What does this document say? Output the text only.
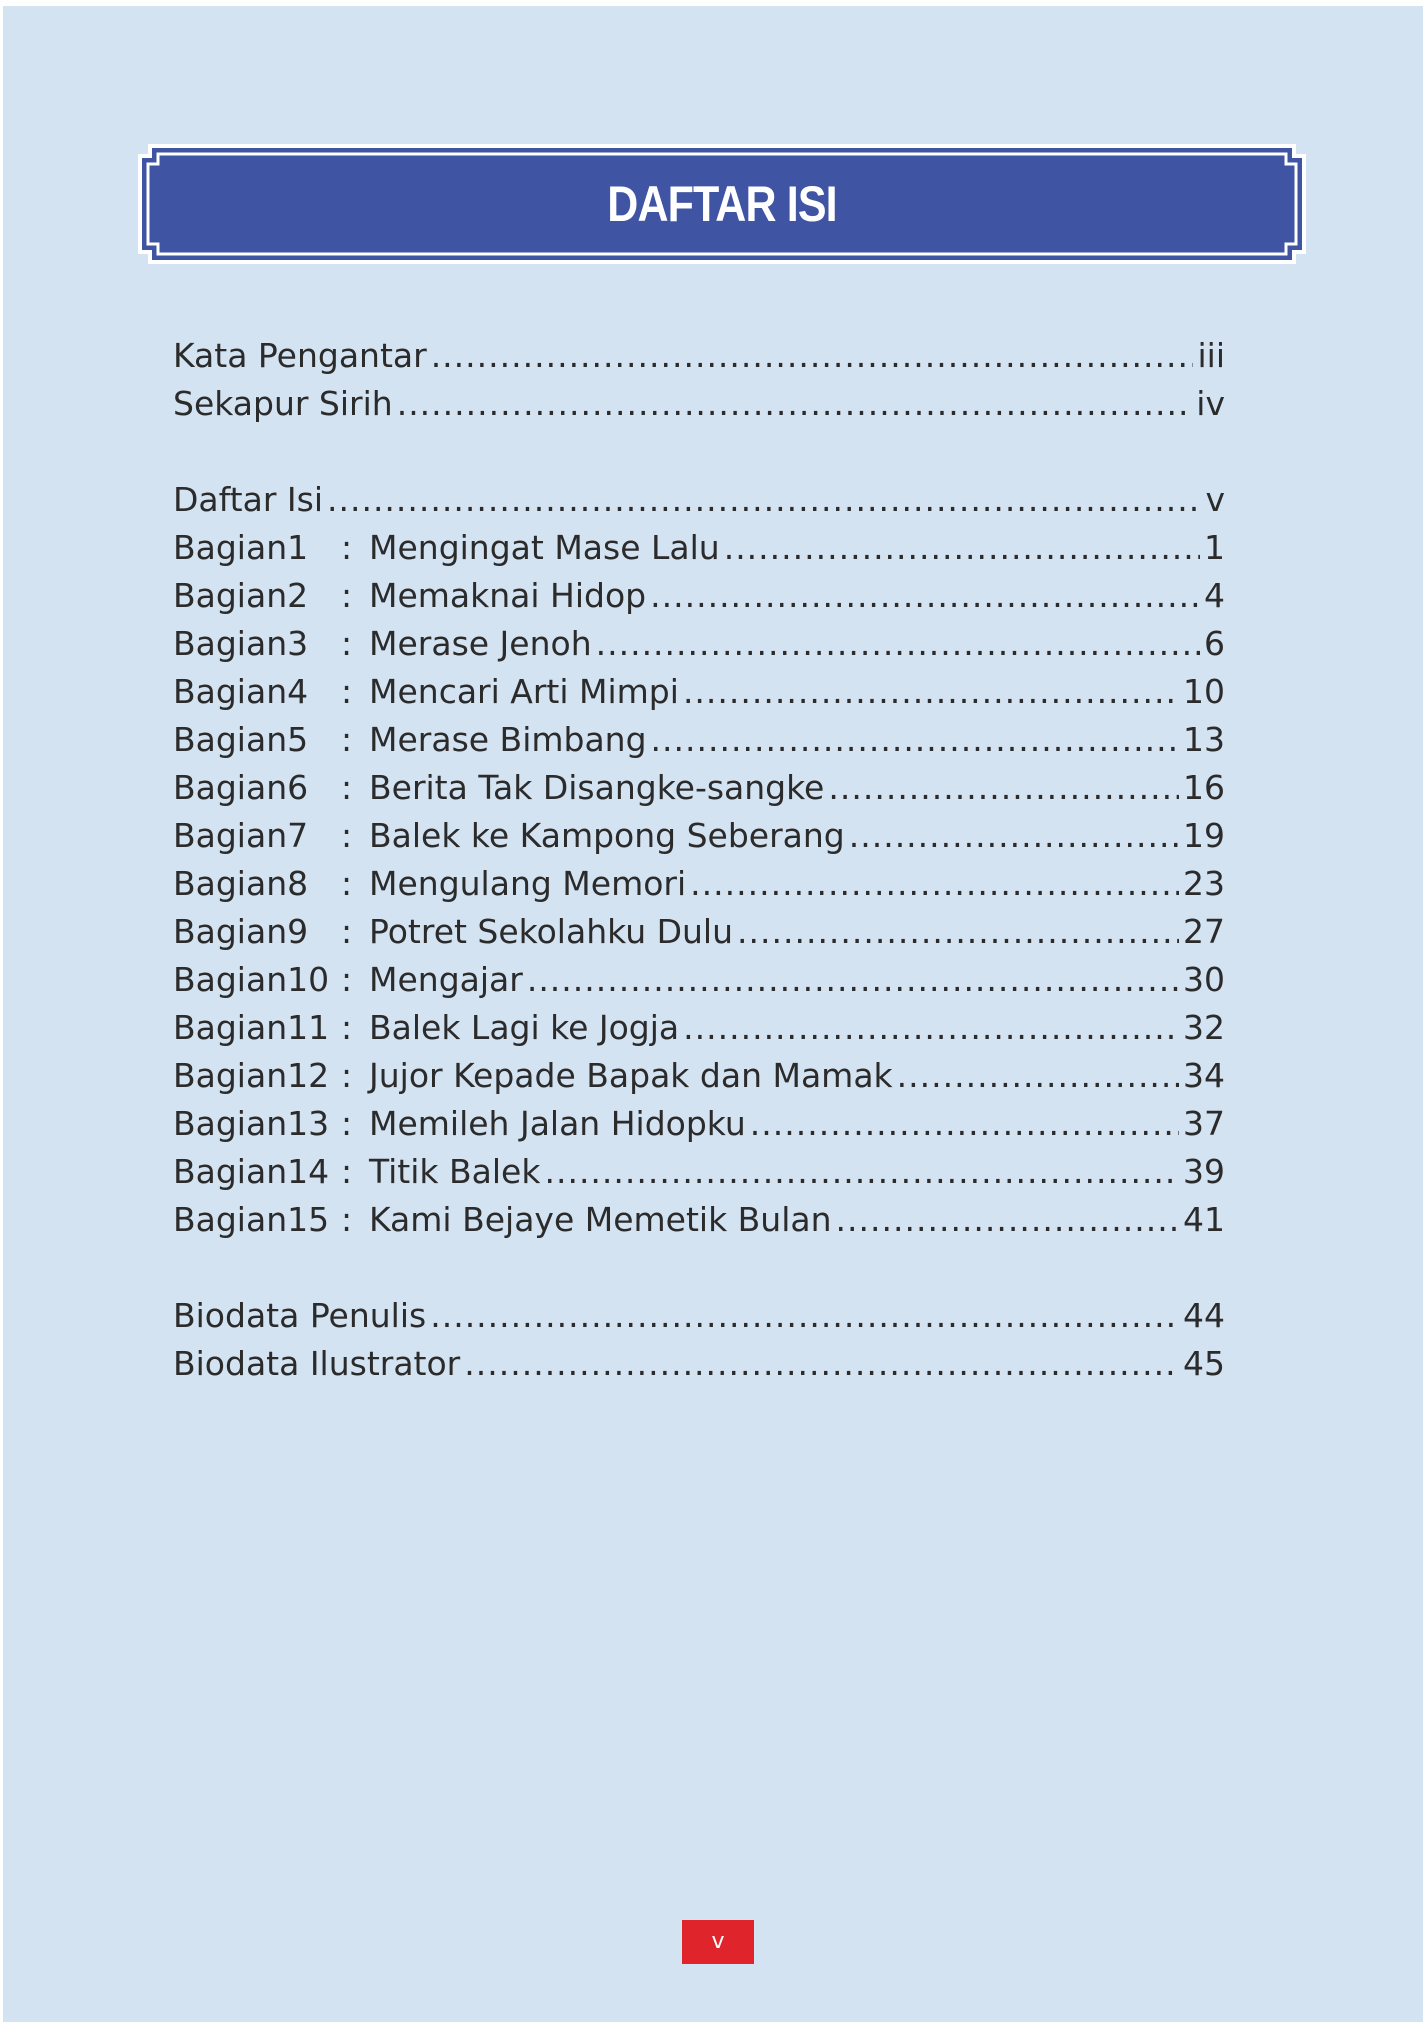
DAFTAR ISI
Kata Pengantar .....	iii
Sekapur Sirih .....	iv
Daftar Isi .....	v
Bagian1 : Mengingat Mase Lalu .....	1
Bagian2 : Memaknai Hidop .....	4
Bagian3 : Merase Jenoh .....	6
Bagian4 : Mencari Arti Mimpi .....	10
Bagian5 : Merase Bimbang .....	13
Bagian6 : Berita Tak Disangke-sangke .....	16
Bagian7 : Balek ke Kampong Seberang .....	19
Bagian8 : Mengulang Memori .....	23
Bagian9 : Potret Sekolahku Dulu .....	27
Bagian10 : Mengajar .....	30
Bagian11 : Balek Lagi ke Jogja .....	32
Bagian12 : Jujor Kepade Bapak dan Mamak .....	34
Bagian13 : Memileh Jalan Hidopku .....	37
Bagian14 : Titik Balek .....	39
Bagian15 : Kami Bejaye Memetik Bulan .....	41
Biodata Penulis .....	44
Biodata Ilustrator .....	45
v
